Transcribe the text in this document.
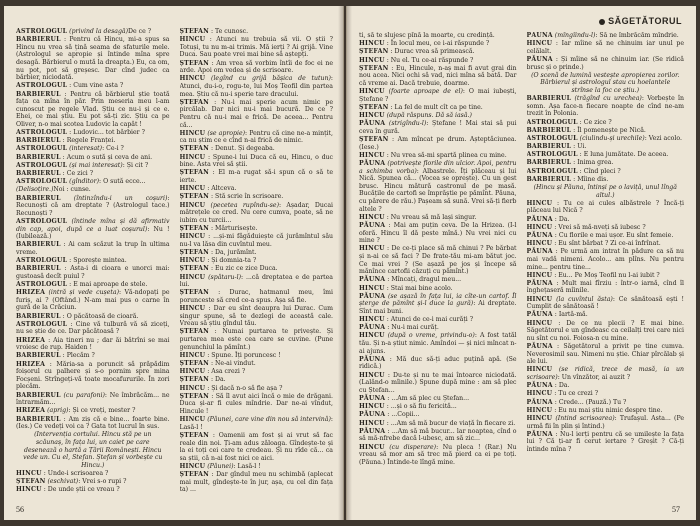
ASTROLOGUL (privind la desagă)De ce ?

BARBIERUL : Pentru că Hincu, mi-a spus sa Hincu nu vrea să țină seama de sfaturile mele. (Astrologul se apropie și întinde mîna spre desagă. Bărbierul o mută la dreapta.) Eu, ca om, nu pot, pot să greșesc. Dar cînd judec ca bărbier, niciodată.

ASTROLOGUL : Cum vine asta ?

BARBIERUL : Pentru că bărbierul știe toată fața ca mîna în păr. Prin meseria meu l-am cunoscut pe regele Vlad. Știu ce nu-i și ce e. Ehei, ce mai știu. Eu pot să-ți zic. Știu ca pe Oliver, n-o mai scotea Ludovic la capăt !

ASTROLOGUL : Ludovic... tot bărbier ?

BARBIERUL : Regele Franței.

ASTROLOGUL (interesat): Ce-i ?

BARBIERUL : Acum o sută și ceva de ani.

ASTROLOGUL (și mai interesat): Și cit ?

BARBIERUL : Ce zici ?

ASTROLOGUL (gînditor): O sută ecce...

(Delisoțire.)Noi : cunse.

BARBIERUL (întinzîndu-i un coșuri): Recunoști că am dreptate ? (Astrologul tace.) Recunoști ?

ASTROLOGUL (întinde mîna și dă afirmativ din cap, apoi, după ce a luat coșurul): Nu ! (Iubilează.)

BARBIERUL : Ai cam scăzut la trup în ultima vreme.

ASTROLOGUL : Sporește mintea.

BARBIERUL : Asta-i di cioara e unorci mai: gustoasă decît puiul ?

ASTROLOGUL : E mai aproape de stele.

HRIZEA (intră și vede cușeta): Vă-ndopați pe furiș, ai ? (Oftând.) N-am mai pus o carne în gură de la Crăciun.

BARBIERUL : O păcătoasă de cioară.

ASTROLOGUL : Cine vă tulbură vă să ziceți, nu se știe de ce. Dar păcătoasă ?

HRIZEA : Aia tineri nu ; dar ăi bătrîni se mai vroiesc de rup. Haiden !

BARBIERUL : Plecăm ?

HRIZEA : Măria-sa a poruncit să prăpădim foișorul cu palhere și s-o pornim spre mina Focșeni. Strîngeți-vă toate mocafururile. În zori plecăm.

BARBIERUL (cu parafoni): Ne îmbrăcăm... ne întrarmăm...

HRIZEA (aprig): Și ce vreți, mester ?

BARBIERUL : Am ziș că e bine... foarte bine. (Ies.) Ce vedeți voi ca ? Gata tot lucrul în sus.

(Intervenția cortului. Hincu stă pe un scăunaș, în fața lui, un caiet pe care desenează o hartă a Țării Românești. Hincu vede un. Cu el, Stefan. Ștefan și vorbește cu Hincu.)

HINCU : Unde-i scrisoarea ?

ȘTEFAN (eschivat): Vrei s-o rupi ?

HINCU : De unde știi ce vreau ?

ȘTEFAN : Te cunosc.

HINCU : Atunci nu trebuia să vii. O știi ? Totuși, tu nu m-ai trimis. Mă ierți ? Ai grijă. Vine Duca. Sau poate vrei mai bine să aștepți.

ȘTEFAN : Am vrea să vorbim întîi de foc ei ne arde. Apoi om vedea și de scrisoare.

HINCU (legînd cu grijă bășica de tutun): Atunci, du-i-o, rogu-te, lui Moș Teofil din partea mea. Știu că nu-i sperie tare dracului.

ȘTEFAN : Nu-i mai sperie acum nimic pe pircălab. Dar nici nu-i mai bucură. De ce ? Pentru că nu-i mai e frică. De aceea... Pentru că...

HINCU (se apropie): Pentru că cine ne-a mințit, ca nu știm ce e cînd n-ai frică de nimic.

ȘTEFAN : Denut. Și degeaba.

HINCU : Spune-i lui Duca că eu, Hincu, o duc bine. Asta vrei să știi.

ȘTEFAN : El m-a rugat să-i spun că o să te ierte.

HINCU : Altceva.

ȘTEFAN : Stă scrie în scrisoare.

HINCU (pecetea rupîndu-se): Așadar, Ducai mătrețele ce cred. Nu cere cumva, poate, să ne iubim cu turcii...

ȘTEFAN : Mărturisește.

HINCU : ...și-mi făgăduiește că jurămîntul său nu-l va lăsa din cuvîntul meu.

ȘTEFAN : Da, jurămînt.

HINCU : Și domnia-ta ?

ȘTEFAN : Eu zic ce zice Duca.

HINCU (spătaru-l): ...că dreptatea e de partea lui.

ȘTEFAN : Durac, hatmanul meu, îmi porunceste să cred ce-a spus. Așa să fie.

HINCU : Dar eu sînt deaupra lui Durac. Cum singur spune, să te dezlegi de această cale. Vreau să știu gîndul tău.

ȘTEFAN : Numai purtarea te privește. Și purtarea mea este cea care se cuvine. (Pune genunchiul la pămînt.)

HINCU : Spune. Îți poruncesc !

ȘTEFAN : Ne-ai vindut.

HINCU : Asa crezi ?

ȘTEFAN : Da.

HINCU : Și dacă n-o să fie așa ?

ȘTEFAN : Să îl avut aici încă o mie de drăgani. Duca și-ar fi cules mîndrie. Dar ne-ai vîndut, Hincule !

HINCU (Păunei, care vine din nou să intervină): Lasă-l !

ȘTEFAN : Oamenii am fost și ai vrut să fac reale din noi. Ți-am adus zăloaga. Gîndește-te și la ei toți cei care te credeau. Și nu rîde că... ca sa știi, că n-ai fost nici ce aici.

HINCU (Păunei): Lasă-l !

ȘTEFAN : Dar gîndul meu nu schimbă (aplecat mai mult, gîndește-te în jur, așa, cu cel din fața ta) ...

56
SĂGETĂTORUL

ti, să te slujesc pînă la moarte, cu credință.

HINCU : În locul meu, ce i-ai răspunde ?

ȘTEFAN : Durac vrea să primească.

HINCU : Nu el. Tu ce-ai răspunde ?

ȘTEFAN : Eu, Hincule, n-aș mai fi avut grai din nou acea. Nici ochi să vad, nici mîna să bată. Dar că vreme ai. Dacă trebuie, doarme.

HINCU (foarte aproape de el): O mai iubești, Ștefane ?

ȘTEFAN : La fel de mult cît ca pe tine.

HINCU (după răspuns. Dă să iasă.)

PĂUNA (strigîndu-l): Ștefane ! Mai stai să pui ceva în gură.

ȘTEFAN : Am mîncat pe drum. Așteptăciunea. (Iese.)

HINCU : Nu vrea să-mi spartă plinea cu mine.

PĂUNA (potrivește florile din ulcior. Apoi, pentru a schimba vorba): Albastrele. Îți plăceau și lui Nică. Spunea că... (Vocea se oprește). Cu un gest brusc. Hincu mătură castronul de pe masă. Bucățile de cartofi se împrăștie pe pămînt. Păuna, cu părere de rău.) Pașeam să sună. Vrei să-ți fierb altele ?

HINCU : Nu vreau să mă lași singur.

PĂUNA : Mai am puțin ceva. De la Hrizea. (I-l oferă. Hincu îl dă peste mînă.) Nu vrei nici cu mine ?

HINCU : De ce-ți place să mă chinui ? Pe bărbat și n-ai ce să faci ? De frate-tău mi-am bătut joc. Ce mai vrei ? (Se așază pe jos și începe să mănînce cartofii căzuți cu pămînt.)

PĂUNA : Mîncați, dragul meu...

HINCU : Stai mai bine acolo.

PĂUNA (se așază în fața lui, ia cîte-un cartof. Îl șterge de pămînt și-l duce la gură): Ai dreptate. Sînt mai buni.

HINCU : Atunci de ce-i mai curăți ?

PĂUNA : Nu-i mai curăț.

HINCU (după o vreme, privindu-o): A fost tatăl tău. Și n-a știut nimic. Amîndoi — și nici mîncat n-ai ajuns.

PĂUNA : Mă duc să-ți aduc puțină apă. (Se ridică.)

HINCU : Du-te și nu te mai întoarce niciodată. (Lalănd-o mîinile.) Spune după mine : am să plec cu Ștefan...

PĂUNA : ...Am să plec cu Ștefan...

HINCU : ...și o să fiu fericită...

PĂUNA : ...Copii...

HINCU : ...Am să mă bucur de viață în fiecare zi.

PĂUNA : ...Am să mă bucur... lar noaptea, cînd o să mă-nfrebe dacă l-ubesc, am să zic...

HINCU (cu disperare): Nu pleca ! (Rar.) Nu vreau să mor am să trec mă pierd ca ei pe toți. (Păuna.) Întinde-te lîngă mine.

PĂUNA (mîngîindu-l): Să ne îmbrăcăm mîndrie.

HINCU : Iar mîine să ne chinuim iar unul pe celălalt.

PĂUNA : Și mîine să ne chinuim iar. (Se ridică brusc și o prinde.)

(O scenă de lumină vestește apropierea zorilor. Bărbierul și astrologul stau cu hoelantele strînse la foc ce știu.)

BARBIERUL (trăgînd cu urechea): Vorbește în somn. Așa face-n fiecare noapte de cînd ne-am trezit în Polonia.

ASTROLOGUL : Ce zice ?

BARBIERUL : Îl pomenește pe Nică.

ASTROLOGUL (ciulindu-și urechile): Vezi acolo.

BARBIERUL : Ui.

ASTROLOGUL : E luna jumătate. De aceea.

BARBIERUL : Inima grea.

ASTROLOGUL : Cînd pleci ?

BARBIERUL : Mîine dis.

(Hincu și Păuna, întinși pe o laviță, unul lîngă altul.)

HINCU : Tu ce ai cules albăstrele ? Încă-ți plăceau lui Nică ?

PĂUNA : Da.

HINCU : Vrei să mă-nveți să iubesc ?

PĂUNA : Cu florile e mai ușor. Eu sînt femeie.

HINCU : Eu sînt bărbat ? Zi ce-ai înfrînat.

PĂUNA : Pe urmă am intrat în pădure ca să nu mai vadă nimeni. Acolo... am plîns. Nu pentru mine... pentru tine...

HINCU : Eu... Pe Moș Teofil nu l-ai iubit ?

PĂUNA : Mult mai fîrziu : într-o iarnă, cînd îl înghețaseră mîinile.

HINCU (la cuvîntul ăsta): Ce sănătoasă ești ! Cumplit de sănătoasă !

PĂUNA : Iartă-mă.

HINCU : De ce nu plecii ? E mai bine. Săgetătorul e un gîndeasc ca ceilalți trei care nici nu sînt cu noi. Foiosa-n cu mine.

PĂUNA : Săgetătorul a privit pe tine cumva. Neverosimil sau. Nimeni nu știe. Chiar pîrcălab și ale lui.

HINCU (se ridică, trece de masă, ia un scrisoare): Un vînzător, ai auzit ?

PĂUNA : Da.

HINCU : Tu ce crezi ?

PĂUNA : Crede... (Pauză.) Tu ?

HINCU : Eu nu mai știu nimic despre tine.

HINCU (Intind scrisoarea): Trufașul. Asta... (Pe urmă fii în plin și întind.)

PĂUNA : Nu-l ierți pentru că se umilește la fața lui ? Că ți-ar fi cerut iertare ? Greșit ? Că-ți întinde mîna ?

57
